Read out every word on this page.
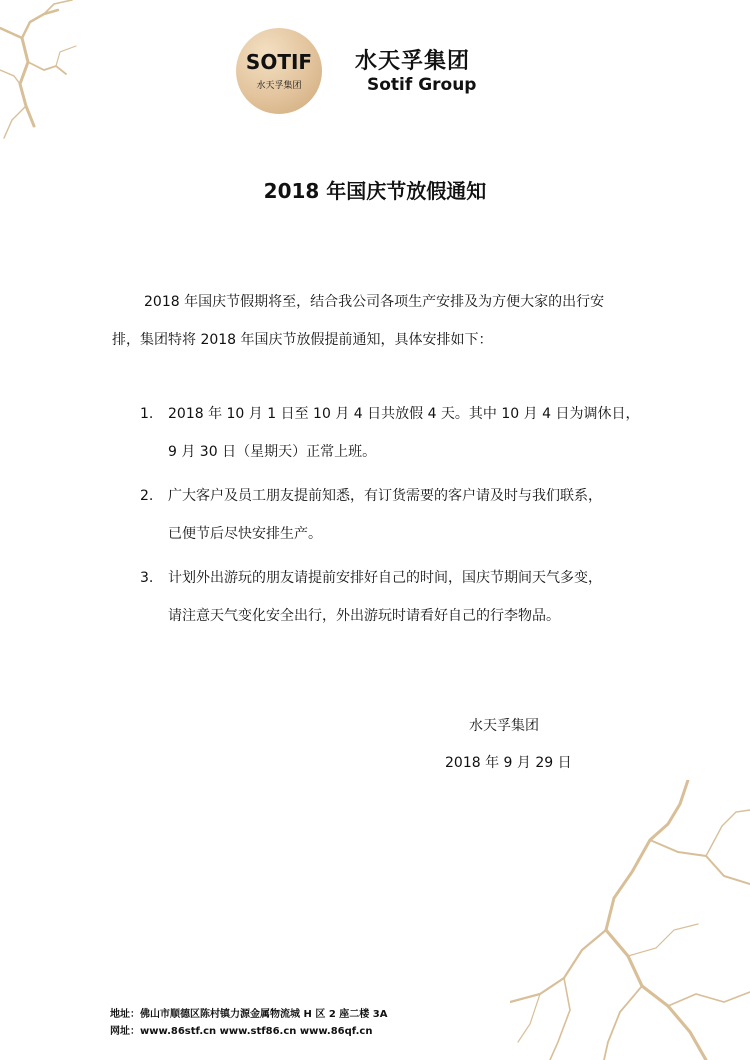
SOTIF
水天孚集团
水天孚集团
Sotif Group
2018 年国庆节放假通知
2018 年国庆节假期将至，结合我公司各项生产安排及为方便大家的出行安
排，集团特将 2018 年国庆节放假提前通知，具体安排如下：
1. 2018 年 10 月 1 日至 10 月 4 日共放假 4 天。其中 10 月 4 日为调休日，
9 月 30 日（星期天）正常上班。
2. 广大客户及员工朋友提前知悉，有订货需要的客户请及时与我们联系，
已便节后尽快安排生产。
3. 计划外出游玩的朋友请提前安排好自己的时间，国庆节期间天气多变，
请注意天气变化安全出行，外出游玩时请看好自己的行李物品。
水天孚集团
2018 年 9 月 29 日
地址：佛山市顺德区陈村镇力源金属物流城 H 区 2 座二楼 3A
网址：www.86stf.cn www.stf86.cn www.86qf.cn
